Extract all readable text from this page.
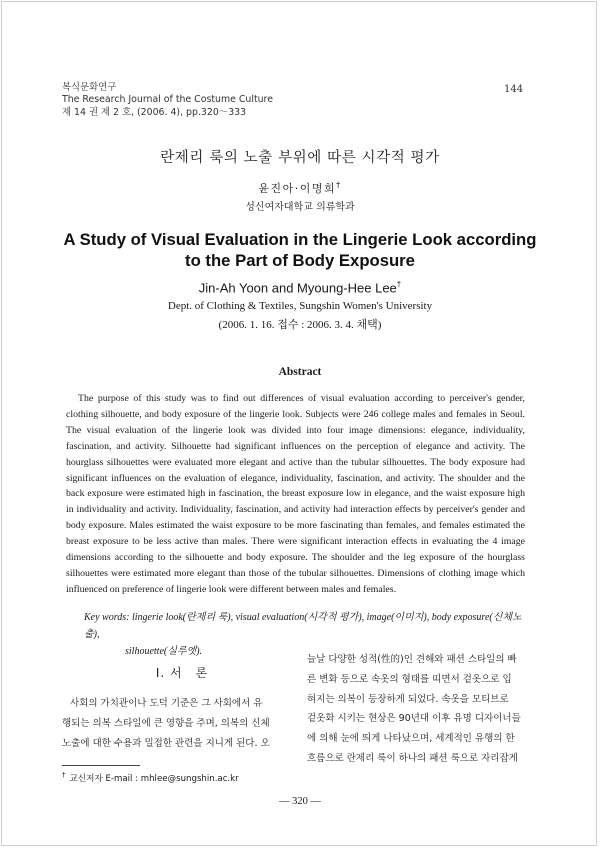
복식문화연구
The Research Journal of the Costume Culture
제 14 권 제 2 호, (2006. 4), pp.320～333
144
란제리 룩의 노출 부위에 따른 시각적 평가
윤진아·이명희†
성신여자대학교 의류학과
A Study of Visual Evaluation in the Lingerie Look according
to the Part of Body Exposure
Jin-Ah Yoon and Myoung-Hee Lee†
Dept. of Clothing & Textiles, Sungshin Women's University
(2006. 1. 16. 접수 : 2006. 3. 4. 채택)
Abstract
The purpose of this study was to find out differences of visual evaluation according to perceiver's gender, clothing silhouette, and body exposure of the lingerie look. Subjects were 246 college males and females in Seoul. The visual evaluation of the lingerie look was divided into four image dimensions: elegance, individuality, fascination, and activity. Silhouette had significant influences on the perception of elegance and activity. The hourglass silhouettes were evaluated more elegant and active than the tubular silhouettes. The body exposure had significant influences on the evaluation of elegance, individuality, fascination, and activity. The shoulder and the back exposure were estimated high in fascination, the breast exposure low in elegance, and the waist exposure high in individuality and activity. Individuality, fascination, and activity had interaction effects by perceiver's gender and body exposure. Males estimated the waist exposure to be more fascinating than females, and females estimated the breast exposure to be less active than males. There were significant interaction effects in evaluating the 4 image dimensions according to the silhouette and body exposure. The shoulder and the leg exposure of the hourglass silhouettes were estimated more elegant than those of the tubular silhouettes. Dimensions of clothing image which influenced on preference of lingerie look were different between males and females.
Key words: lingerie look(란제리 룩), visual evaluation(시각적 평가), image(이미지), body exposure(신체노출),
silhouette(실루엣).
Ⅰ. 서　론
사회의 가치관이나 도덕 기준은 그 사회에서 유
행되는 의복 스타일에 큰 영향을 주며, 의복의 신체
노출에 대한 수용과 밀접한 관련을 지니게 된다. 오
늘날 다양한 성적(性的)인 견해와 패션 스타일의 빠
른 변화 등으로 속옷의 형태를 띠면서 겉옷으로 입
혀지는 의복이 등장하게 되었다. 속옷을 모티브로
겉옷화 시키는 현상은 90년대 이후 유명 디자이너들
에 의해 눈에 띄게 나타났으며, 세계적인 유행의 한
흐름으로 란제리 룩이 하나의 패션 룩으로 자리잡게
† 교신저자 E-mail : mhlee@sungshin.ac.kr
— 320 —
